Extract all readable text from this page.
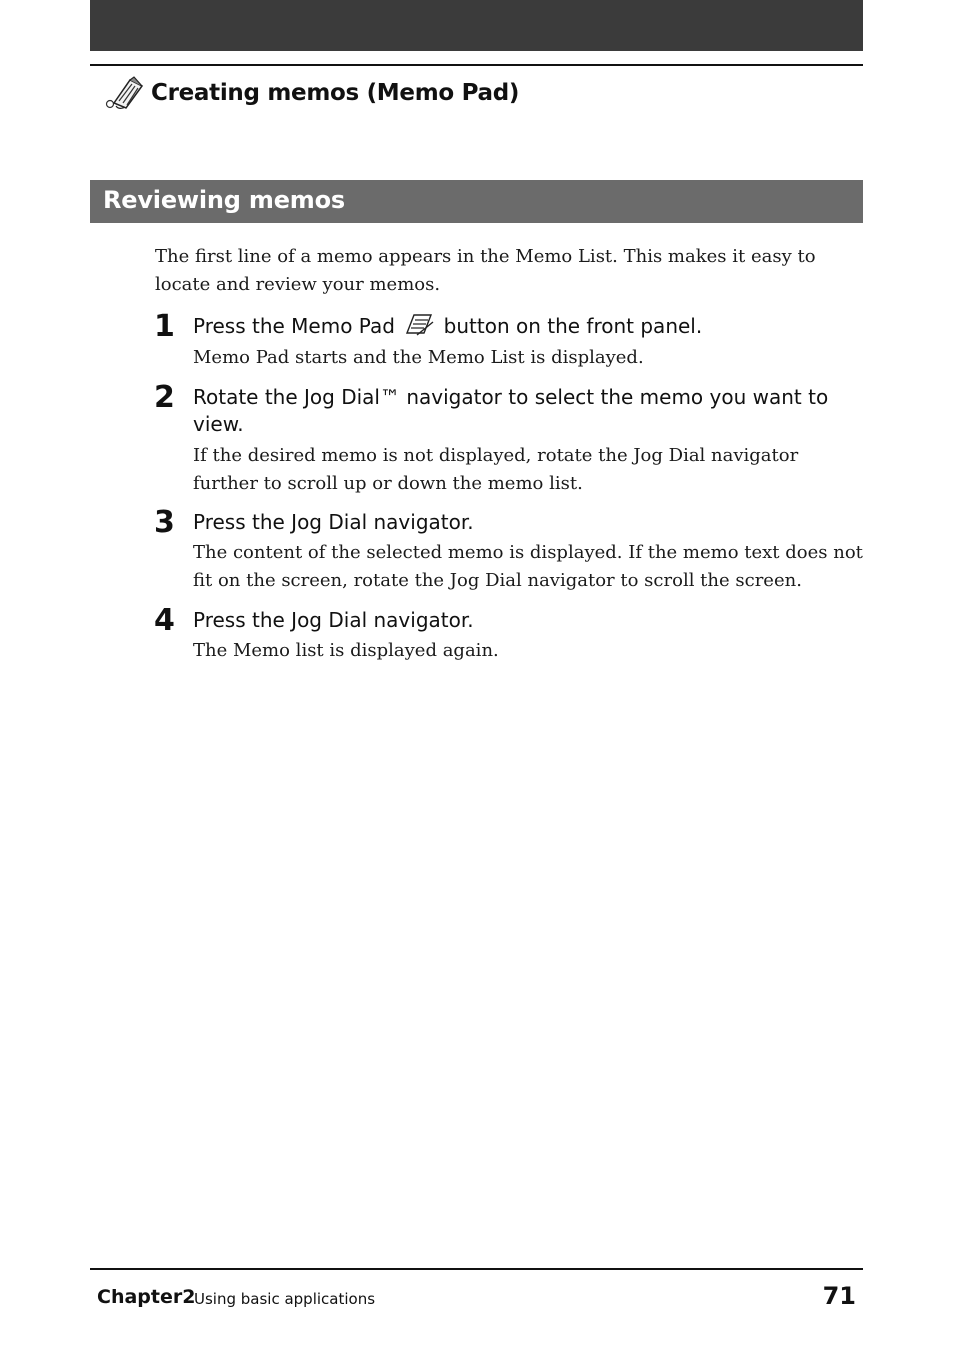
Creating memos (Memo Pad)
Reviewing memos

The first line of a memo appears in the Memo List. This makes it easy to locate and review your memos.

1 Press the Memo Pad button on the front panel.

Memo Pad starts and the Memo List is displayed.

2 Rotate the Jog Dial™ navigator to select the memo you want to view.

If the desired memo is not displayed, rotate the Jog Dial navigator further to scroll up or down the memo list.

3 Press the Jog Dial navigator.

The content of the selected memo is displayed. If the memo text does not fit on the screen, rotate the Jog Dial navigator to scroll the screen.

4 Press the Jog Dial navigator.

The Memo list is displayed again.

Chapter2
Using basic applications	71
